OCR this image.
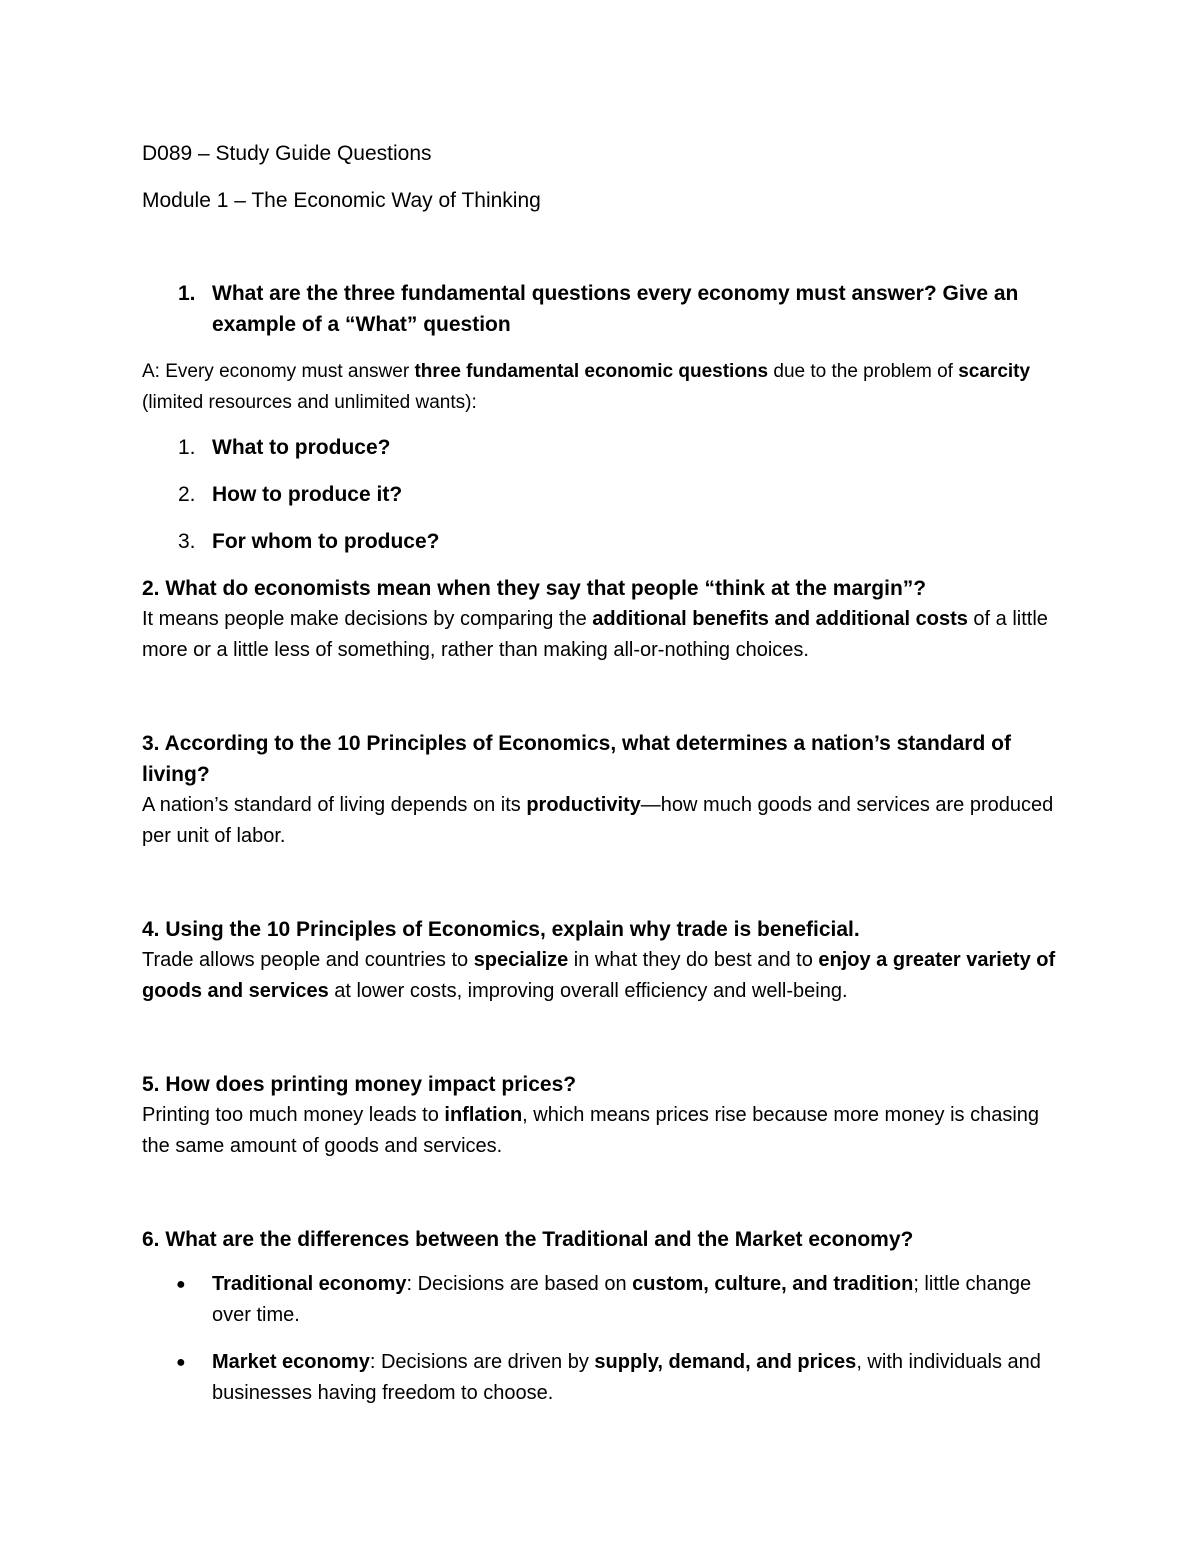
D089 – Study Guide Questions

Module 1 – The Economic Way of Thinking

1. What are the three fundamental questions every economy must answer? Give an example of a “What” question

A: Every economy must answer three fundamental economic questions due to the problem of scarcity (limited resources and unlimited wants):

1. What to produce?
2. How to produce it?
3. For whom to produce?

2. What do economists mean when they say that people “think at the margin”?

It means people make decisions by comparing the additional benefits and additional costs of a little more or a little less of something, rather than making all-or-nothing choices.

3. According to the 10 Principles of Economics, what determines a nation’s standard of living?

A nation’s standard of living depends on its productivity—how much goods and services are produced per unit of labor.

4. Using the 10 Principles of Economics, explain why trade is beneficial.

Trade allows people and countries to specialize in what they do best and to enjoy a greater variety of goods and services at lower costs, improving overall efficiency and well-being.

5. How does printing money impact prices?

Printing too much money leads to inflation, which means prices rise because more money is chasing the same amount of goods and services.

6. What are the differences between the Traditional and the Market economy?

●	Traditional economy: Decisions are based on custom, culture, and tradition; little change over time.
●	Market economy: Decisions are driven by supply, demand, and prices, with individuals and businesses having freedom to choose.
